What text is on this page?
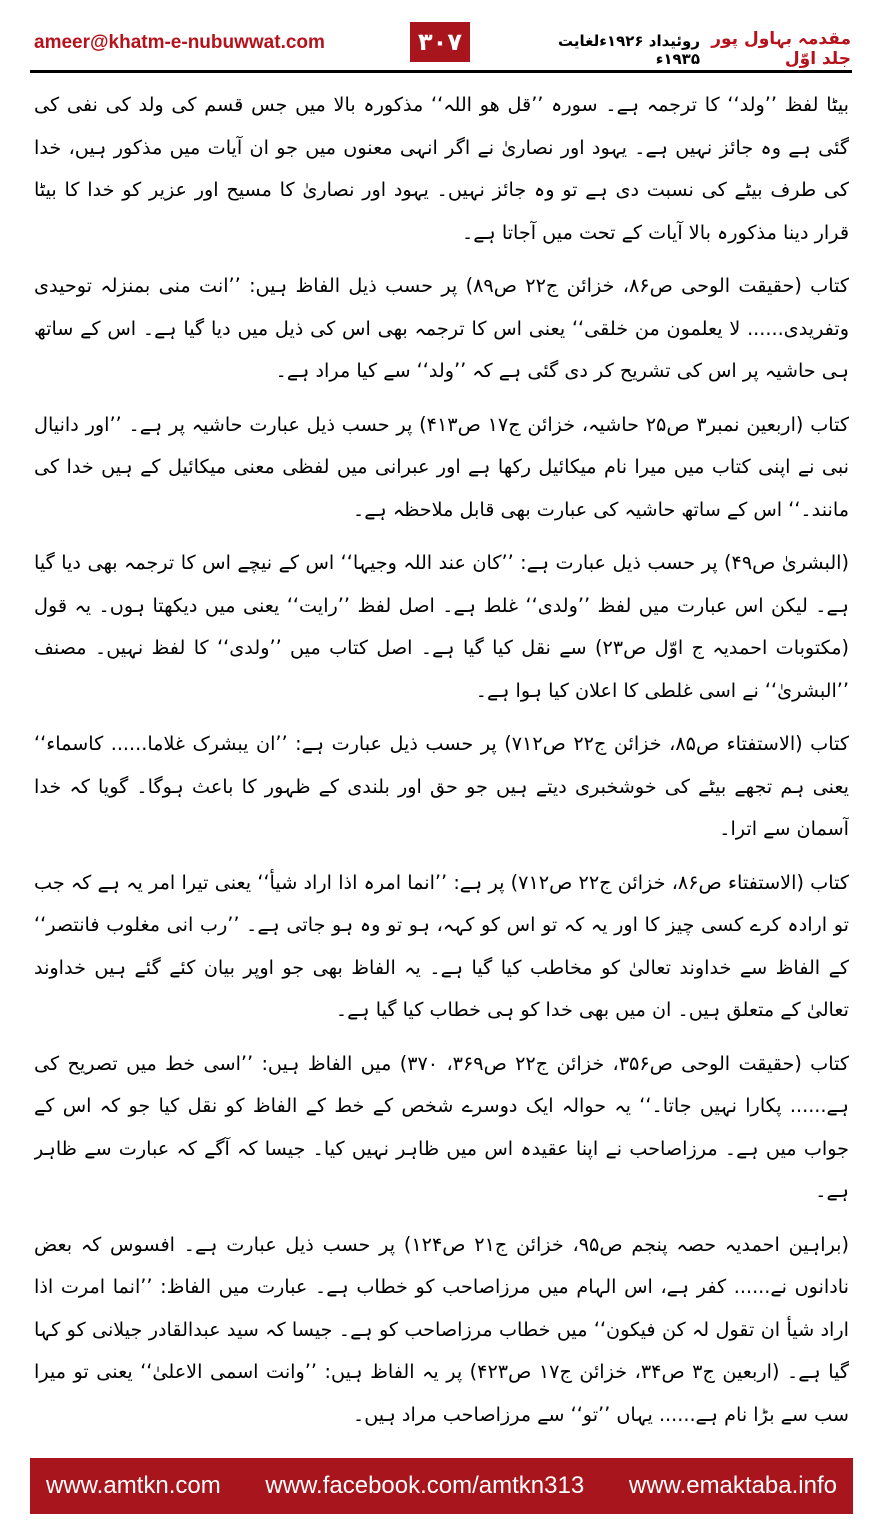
ameer@khatm-e-nubuwwat.com	۳۰۷	روئیداد ۱۹۲۶ءلغایت ۱۹۳۵ء
مقدمہ بہاول پور جلد اوّل

بیٹا لفظ ’’ولد‘‘ کا ترجمہ ہے۔ سورہ ’’قل ھو اللہ‘‘ مذکورہ بالا میں جس قسم کی ولد کی نفی کی گئی ہے وہ جائز نہیں ہے۔ یہود اور نصاریٰ نے اگر انہی معنوں میں جو ان آیات میں مذکور ہیں، خدا کی طرف بیٹے کی نسبت دی ہے تو وہ جائز نہیں۔ یہود اور نصاریٰ کا مسیح اور عزیر کو خدا کا بیٹا قرار دینا مذکورہ بالا آیات کے تحت میں آجاتا ہے۔

کتاب (حقیقت الوحی ص۸۶، خزائن ج۲۲ ص۸۹) پر حسب ذیل الفاظ ہیں: ’’انت منی بمنزلہ توحیدی وتفریدی...... لا یعلمون من خلقی‘‘ یعنی اس کا ترجمہ بھی اس کی ذیل میں دیا گیا ہے۔ اس کے ساتھ ہی حاشیہ پر اس کی تشریح کر دی گئی ہے کہ ’’ولد‘‘ سے کیا مراد ہے۔

کتاب (اربعین نمبر۳ ص۲۵ حاشیہ، خزائن ج۱۷ ص۴۱۳) پر حسب ذیل عبارت حاشیہ پر ہے۔ ’’اور دانیال نبی نے اپنی کتاب میں میرا نام میکائیل رکھا ہے اور عبرانی میں لفظی معنی میکائیل کے ہیں خدا کی مانند۔‘‘ اس کے ساتھ حاشیہ کی عبارت بھی قابل ملاحظہ ہے۔

(البشریٰ ص۴۹) پر حسب ذیل عبارت ہے: ’’کان عند اللہ وجیہا‘‘ اس کے نیچے اس کا ترجمہ بھی دیا گیا ہے۔ لیکن اس عبارت میں لفظ ’’ولدی‘‘ غلط ہے۔ اصل لفظ ’’رایت‘‘ یعنی میں دیکھتا ہوں۔ یہ قول (مکتوبات احمدیہ ج اوّل ص۲۳) سے نقل کیا گیا ہے۔ اصل کتاب میں ’’ولدی‘‘ کا لفظ نہیں۔ مصنف ’’البشریٰ‘‘ نے اسی غلطی کا اعلان کیا ہوا ہے۔

کتاب (الاستفتاء ص۸۵، خزائن ج۲۲ ص۷۱۲) پر حسب ذیل عبارت ہے: ’’ان یبشرک غلاما...... کاسماء‘‘ یعنی ہم تجھے بیٹے کی خوشخبری دیتے ہیں جو حق اور بلندی کے ظہور کا باعث ہوگا۔ گویا کہ خدا آسمان سے اترا۔

کتاب (الاستفتاء ص۸۶، خزائن ج۲۲ ص۷۱۲) پر ہے: ’’انما امرہ اذا اراد شیأ‘‘ یعنی تیرا امر یہ ہے کہ جب تو ارادہ کرے کسی چیز کا اور یہ کہ تو اس کو کہہ، ہو تو وہ ہو جاتی ہے۔ ’’رب انی مغلوب فانتصر‘‘ کے الفاظ سے خداوند تعالیٰ کو مخاطب کیا گیا ہے۔ یہ الفاظ بھی جو اوپر بیان کئے گئے ہیں خداوند تعالیٰ کے متعلق ہیں۔ ان میں بھی خدا کو ہی خطاب کیا گیا ہے۔

کتاب (حقیقت الوحی ص۳۵۶، خزائن ج۲۲ ص۳۶۹، ۳۷۰) میں الفاظ ہیں: ’’اسی خط میں تصریح کی ہے...... پکارا نہیں جاتا۔‘‘ یہ حوالہ ایک دوسرے شخص کے خط کے الفاظ کو نقل کیا جو کہ اس کے جواب میں ہے۔ مرزاصاحب نے اپنا عقیدہ اس میں ظاہر نہیں کیا۔ جیسا کہ آگے کہ عبارت سے ظاہر ہے۔

(براہین احمدیہ حصہ پنجم ص۹۵، خزائن ج۲۱ ص۱۲۴) پر حسب ذیل عبارت ہے۔ افسوس کہ بعض نادانوں نے...... کفر ہے، اس الہام میں مرزاصاحب کو خطاب ہے۔ عبارت میں الفاظ: ’’انما امرت اذا اراد شیأ ان تقول لہ کن فیکون‘‘ میں خطاب مرزاصاحب کو ہے۔ جیسا کہ سید عبدالقادر جیلانی کو کہا گیا ہے۔ (اربعین ج۳ ص۳۴، خزائن ج۱۷ ص۴۲۳) پر یہ الفاظ ہیں: ’’وانت اسمی الاعلیٰ‘‘ یعنی تو میرا سب سے بڑا نام ہے...... یہاں ’’تو‘‘ سے مرزاصاحب مراد ہیں۔

www.amtkn.com www.facebook.com/amtkn313 www.emaktaba.info
